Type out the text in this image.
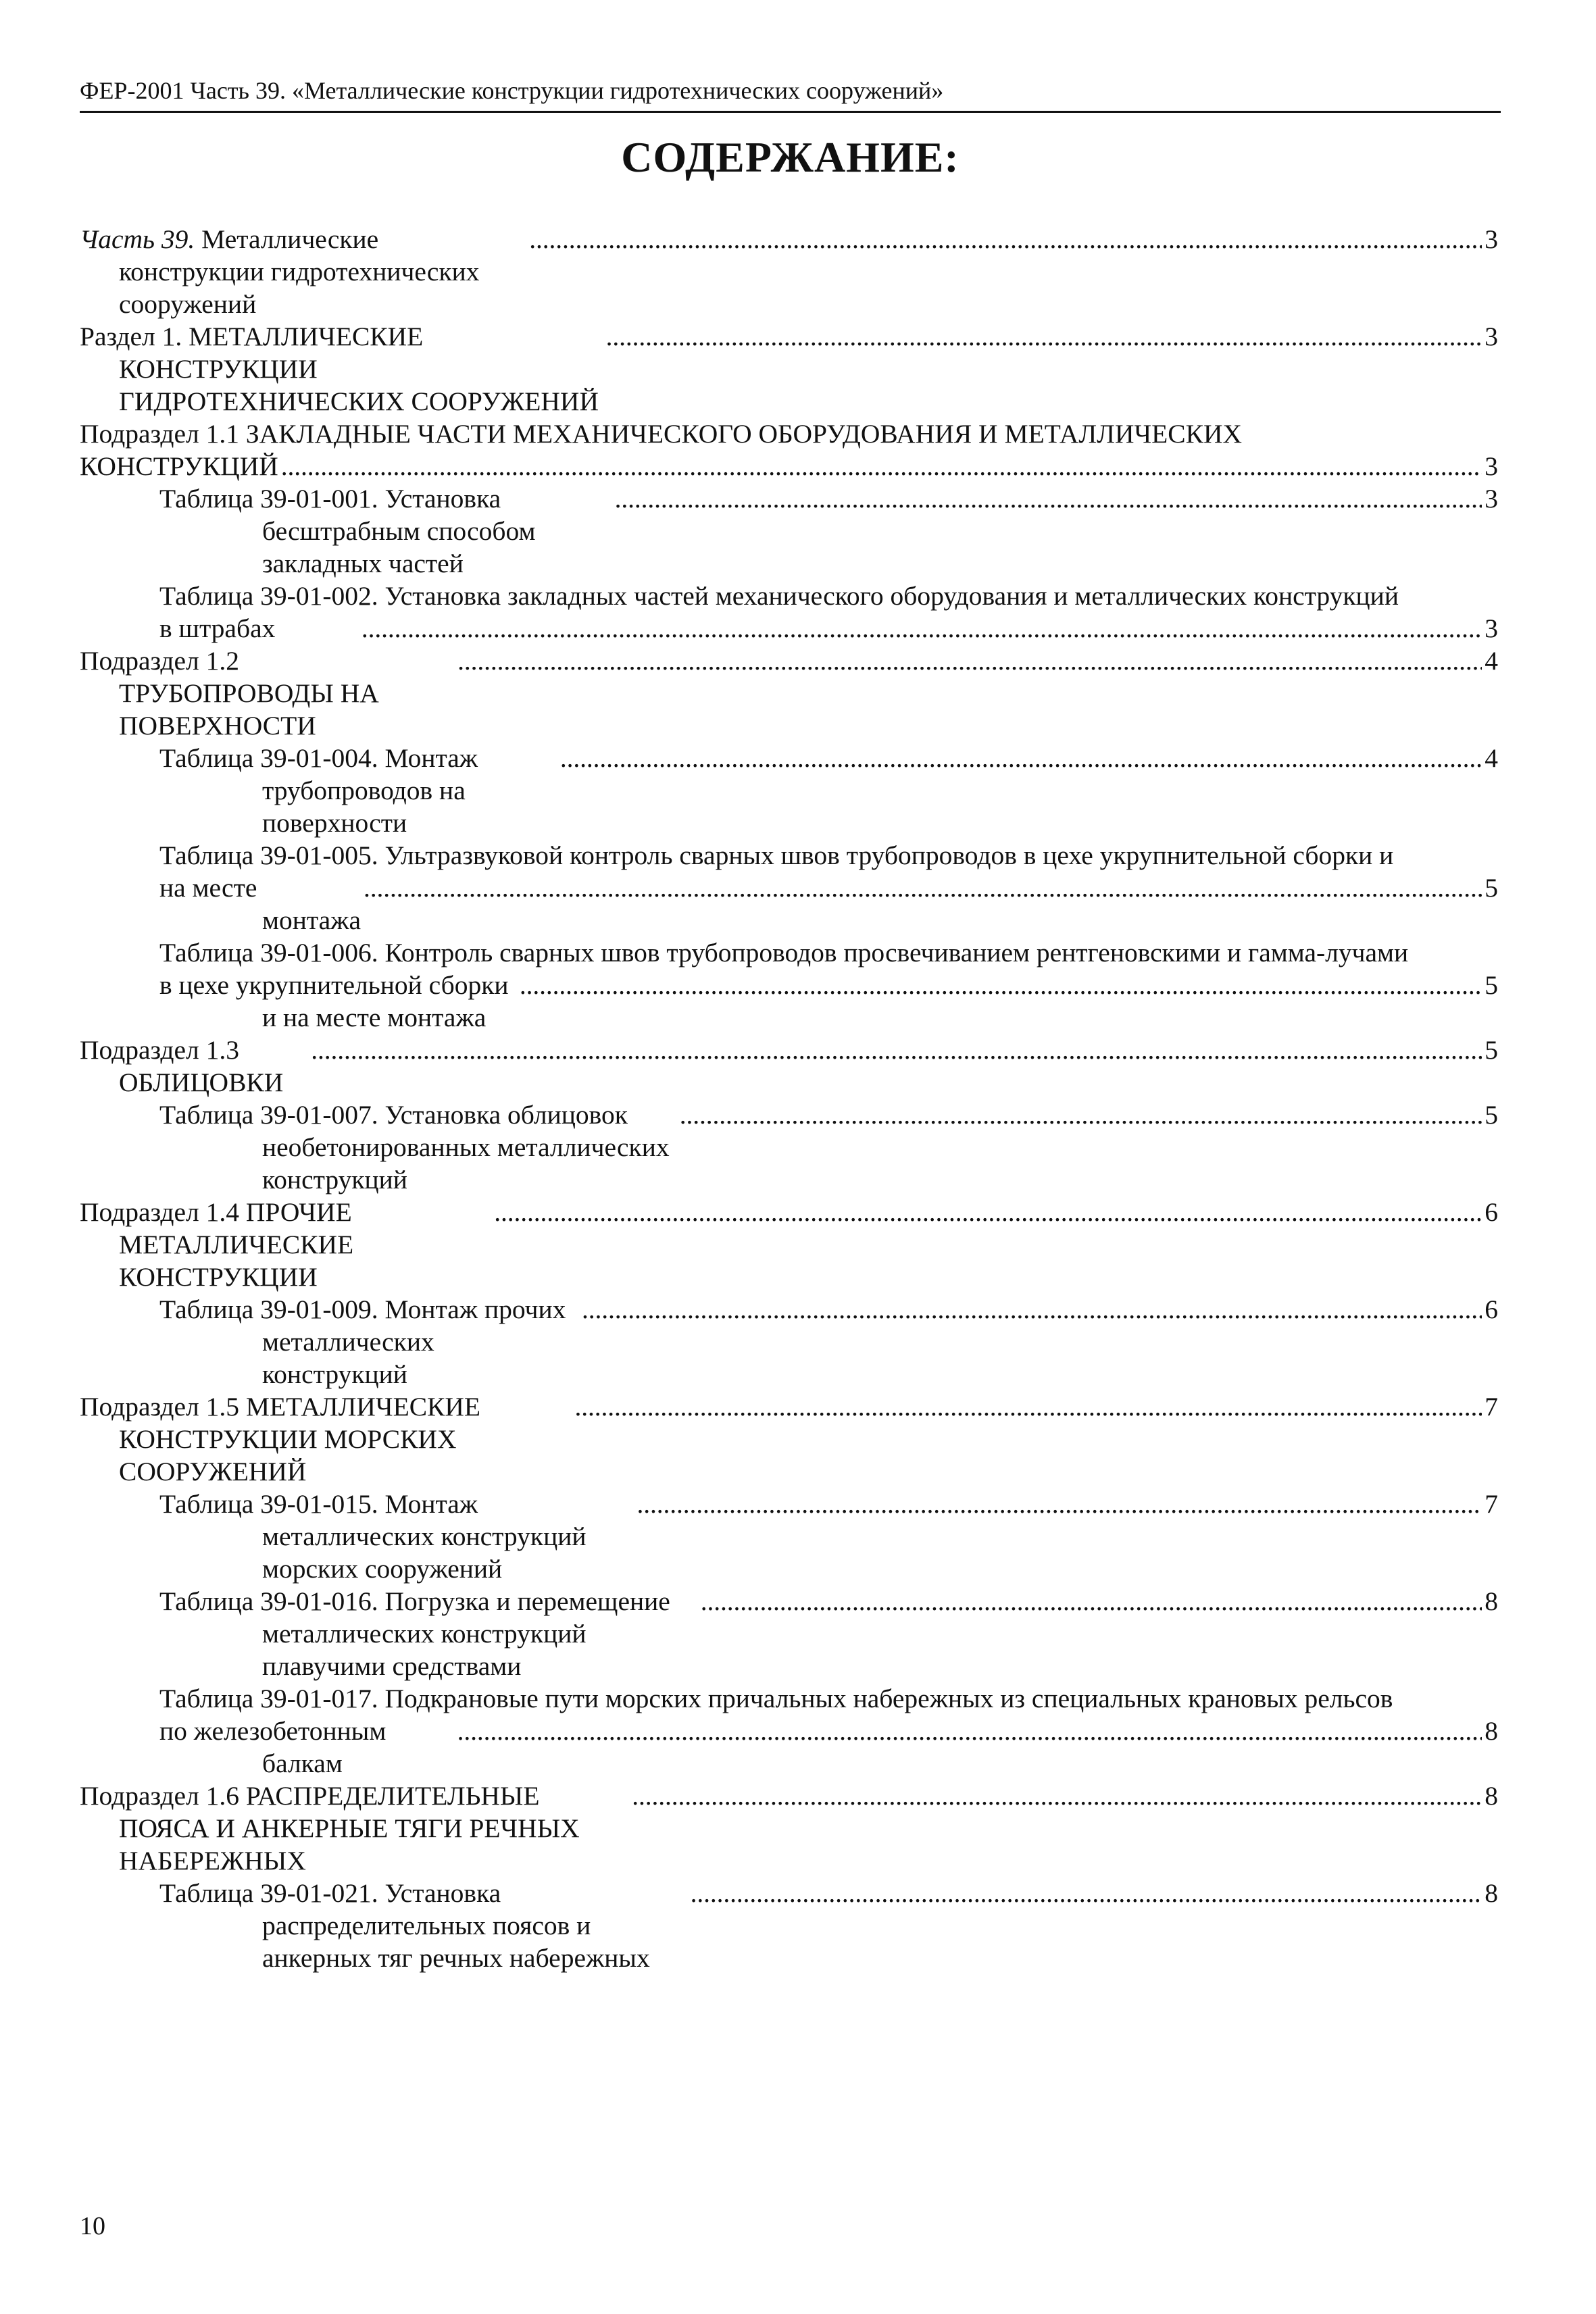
ФЕР-2001 Часть 39. «Металлические конструкции гидротехнических сооружений»
СОДЕРЖАНИЕ:
Часть 39. Металлические конструкции гидротехнических сооружений
. . .
3
Раздел 1. МЕТАЛЛИЧЕСКИЕ КОНСТРУКЦИИ ГИДРОТЕХНИЧЕСКИХ СООРУЖЕНИЙ
. . .
3
Подраздел 1.1 ЗАКЛАДНЫЕ ЧАСТИ МЕХАНИЧЕСКОГО ОБОРУДОВАНИЯ И МЕТАЛЛИЧЕСКИХ
КОНСТРУКЦИЙ . . .	3
Таблица 39-01-001. Установка бесштрабным способом закладных частей
. . .
3
Таблица 39-01-002. Установка закладных частей механического оборудования и металлических конструкций
в штрабах . . .	3
Подраздел 1.2 ТРУБОПРОВОДЫ НА ПОВЕРХНОСТИ
. . .
4
Таблица 39-01-004. Монтаж трубопроводов на поверхности
. . .
4
Таблица 39-01-005. Ультразвуковой контроль сварных швов трубопроводов в цехе укрупнительной сборки и
на месте монтажа
. . .
5
Таблица 39-01-006. Контроль сварных швов трубопроводов просвечиванием рентгеновскими и гамма-лучами
в цехе укрупнительной сборки и на месте монтажа
. . .
5
Подраздел 1.3 ОБЛИЦОВКИ
. . .
5
Таблица 39-01-007. Установка облицовок необетонированных металлических конструкций
. . .
5
Подраздел 1.4 ПРОЧИЕ МЕТАЛЛИЧЕСКИЕ КОНСТРУКЦИИ
. . .
6
Таблица 39-01-009. Монтаж прочих металлических конструкций
. . .
6
Подраздел 1.5 МЕТАЛЛИЧЕСКИЕ КОНСТРУКЦИИ МОРСКИХ СООРУЖЕНИЙ
. . .
7
Таблица 39-01-015. Монтаж металлических конструкций морских сооружений
. . .
7
Таблица 39-01-016. Погрузка и перемещение металлических конструкций плавучими средствами
. . .
8
Таблица 39-01-017. Подкрановые пути морских причальных набережных из специальных крановых рельсов
по железобетонным балкам
. . .
8
Подраздел 1.6 РАСПРЕДЕЛИТЕЛЬНЫЕ ПОЯСА И АНКЕРНЫЕ ТЯГИ РЕЧНЫХ НАБЕРЕЖНЫХ
. . .
8
Таблица 39-01-021. Установка распределительных поясов и анкерных тяг речных набережных
. . .
8
10
